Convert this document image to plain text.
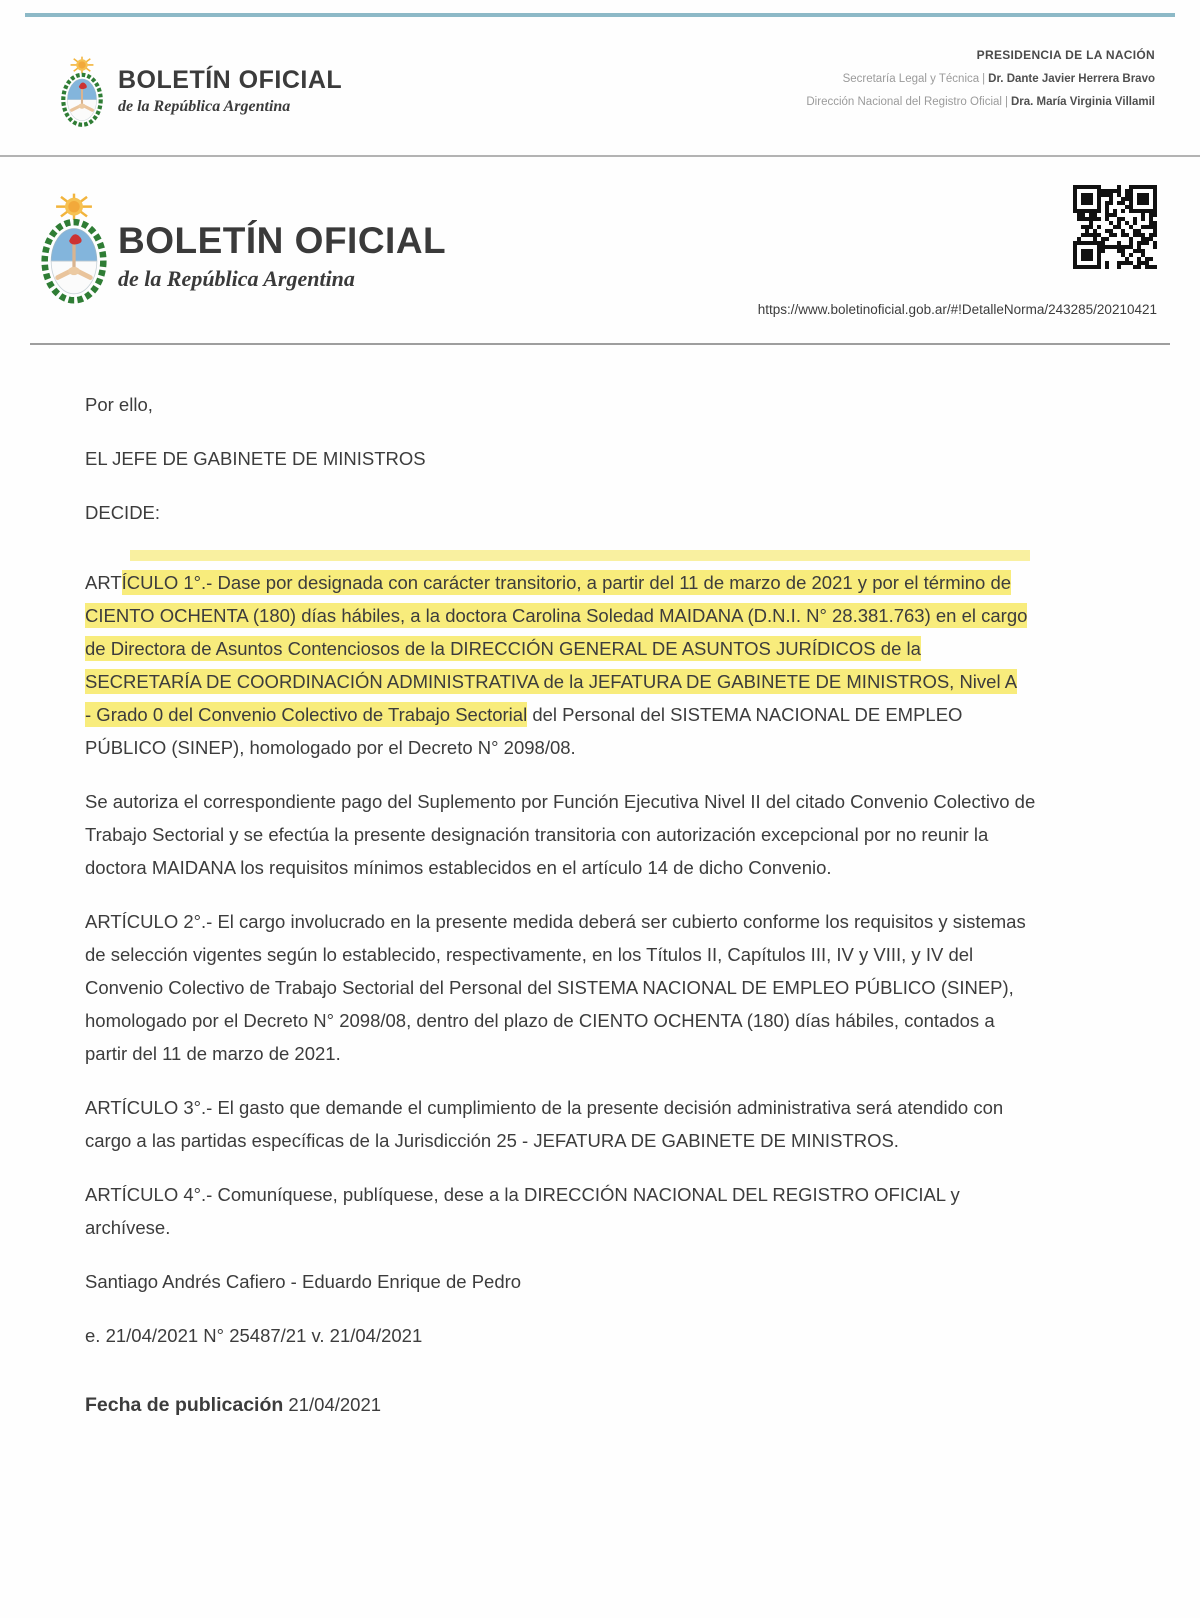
BOLETÍN OFICIAL
de la República Argentina
PRESIDENCIA DE LA NACIÓN
Secretaría Legal y Técnica | Dr. Dante Javier Herrera Bravo
Dirección Nacional del Registro Oficial | Dra. María Virginia Villamil
BOLETÍN OFICIAL
de la República Argentina
https://www.boletinoficial.gob.ar/#!DetalleNorma/243285/20210421
Por ello,
EL JEFE DE GABINETE DE MINISTROS
DECIDE:
ARTÍCULO 1°.- Dase por designada con carácter transitorio, a partir del 11 de marzo de 2021 y por el término de
CIENTO OCHENTA (180) días hábiles, a la doctora Carolina Soledad MAIDANA (D.N.I. N° 28.381.763) en el cargo
de Directora de Asuntos Contenciosos de la DIRECCIÓN GENERAL DE ASUNTOS JURÍDICOS de la
SECRETARÍA DE COORDINACIÓN ADMINISTRATIVA de la JEFATURA DE GABINETE DE MINISTROS, Nivel A
- Grado 0 del Convenio Colectivo de Trabajo Sectorial del Personal del SISTEMA NACIONAL DE EMPLEO
PÚBLICO (SINEP), homologado por el Decreto N° 2098/08.
Se autoriza el correspondiente pago del Suplemento por Función Ejecutiva Nivel II del citado Convenio Colectivo de
Trabajo Sectorial y se efectúa la presente designación transitoria con autorización excepcional por no reunir la
doctora MAIDANA los requisitos mínimos establecidos en el artículo 14 de dicho Convenio.
ARTÍCULO 2°.- El cargo involucrado en la presente medida deberá ser cubierto conforme los requisitos y sistemas
de selección vigentes según lo establecido, respectivamente, en los Títulos II, Capítulos III, IV y VIII, y IV del
Convenio Colectivo de Trabajo Sectorial del Personal del SISTEMA NACIONAL DE EMPLEO PÚBLICO (SINEP),
homologado por el Decreto N° 2098/08, dentro del plazo de CIENTO OCHENTA (180) días hábiles, contados a
partir del 11 de marzo de 2021.
ARTÍCULO 3°.- El gasto que demande el cumplimiento de la presente decisión administrativa será atendido con
cargo a las partidas específicas de la Jurisdicción 25 - JEFATURA DE GABINETE DE MINISTROS.
ARTÍCULO 4°.- Comuníquese, publíquese, dese a la DIRECCIÓN NACIONAL DEL REGISTRO OFICIAL y
archívese.
Santiago Andrés Cafiero - Eduardo Enrique de Pedro
e. 21/04/2021 N° 25487/21 v. 21/04/2021
Fecha de publicación 21/04/2021
